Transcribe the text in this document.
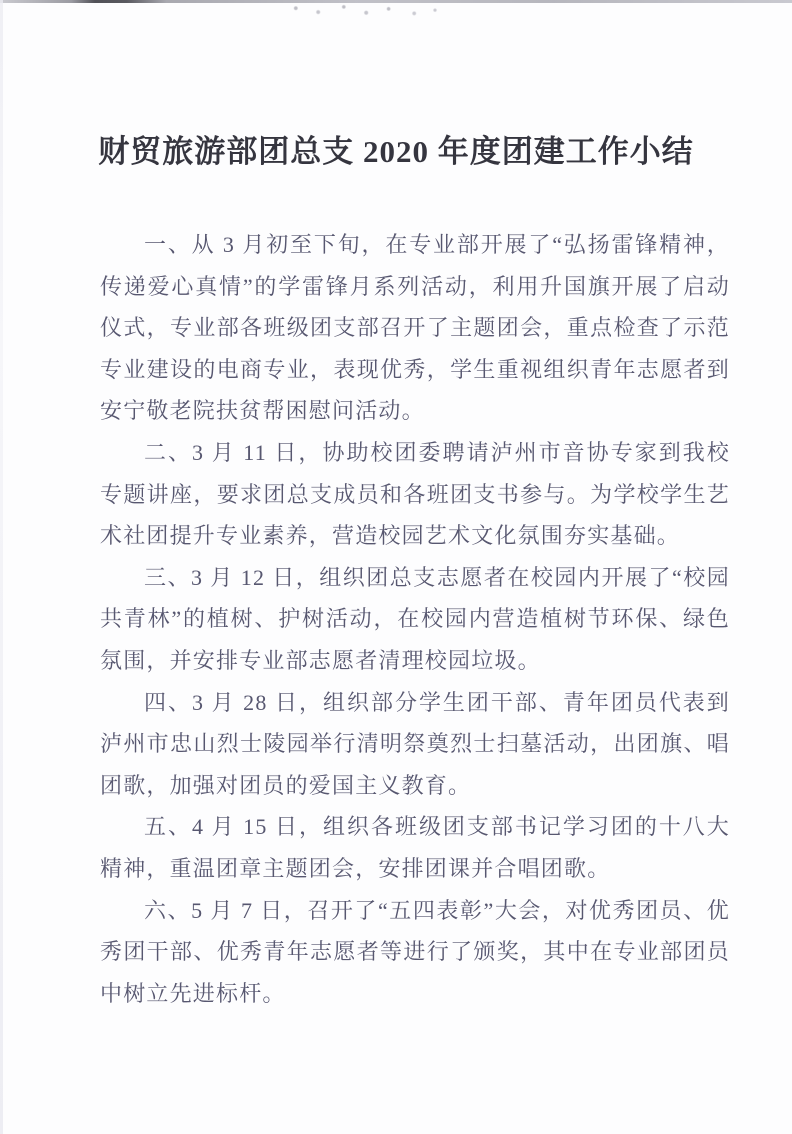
财贸旅游部团总支 2020 年度团建工作小结

一、从 3 月初至下旬，在专业部开展了“弘扬雷锋精神，传递爱心真情”的学雷锋月系列活动，利用升国旗开展了启动仪式，专业部各班级团支部召开了主题团会，重点检查了示范专业建设的电商专业，表现优秀，学生重视组织青年志愿者到安宁敬老院扶贫帮困慰问活动。

二、3 月 11 日，协助校团委聘请泸州市音协专家到我校专题讲座，要求团总支成员和各班团支书参与。为学校学生艺术社团提升专业素养，营造校园艺术文化氛围夯实基础。

三、3 月 12 日，组织团总支志愿者在校园内开展了“校园共青林”的植树、护树活动，在校园内营造植树节环保、绿色氛围，并安排专业部志愿者清理校园垃圾。

四、3 月 28 日，组织部分学生团干部、青年团员代表到泸州市忠山烈士陵园举行清明祭奠烈士扫墓活动，出团旗、唱团歌，加强对团员的爱国主义教育。

五、4 月 15 日，组织各班级团支部书记学习团的十八大精神，重温团章主题团会，安排团课并合唱团歌。

六、5 月 7 日，召开了“五四表彰”大会，对优秀团员、优秀团干部、优秀青年志愿者等进行了颁奖，其中在专业部团员中树立先进标杆。
